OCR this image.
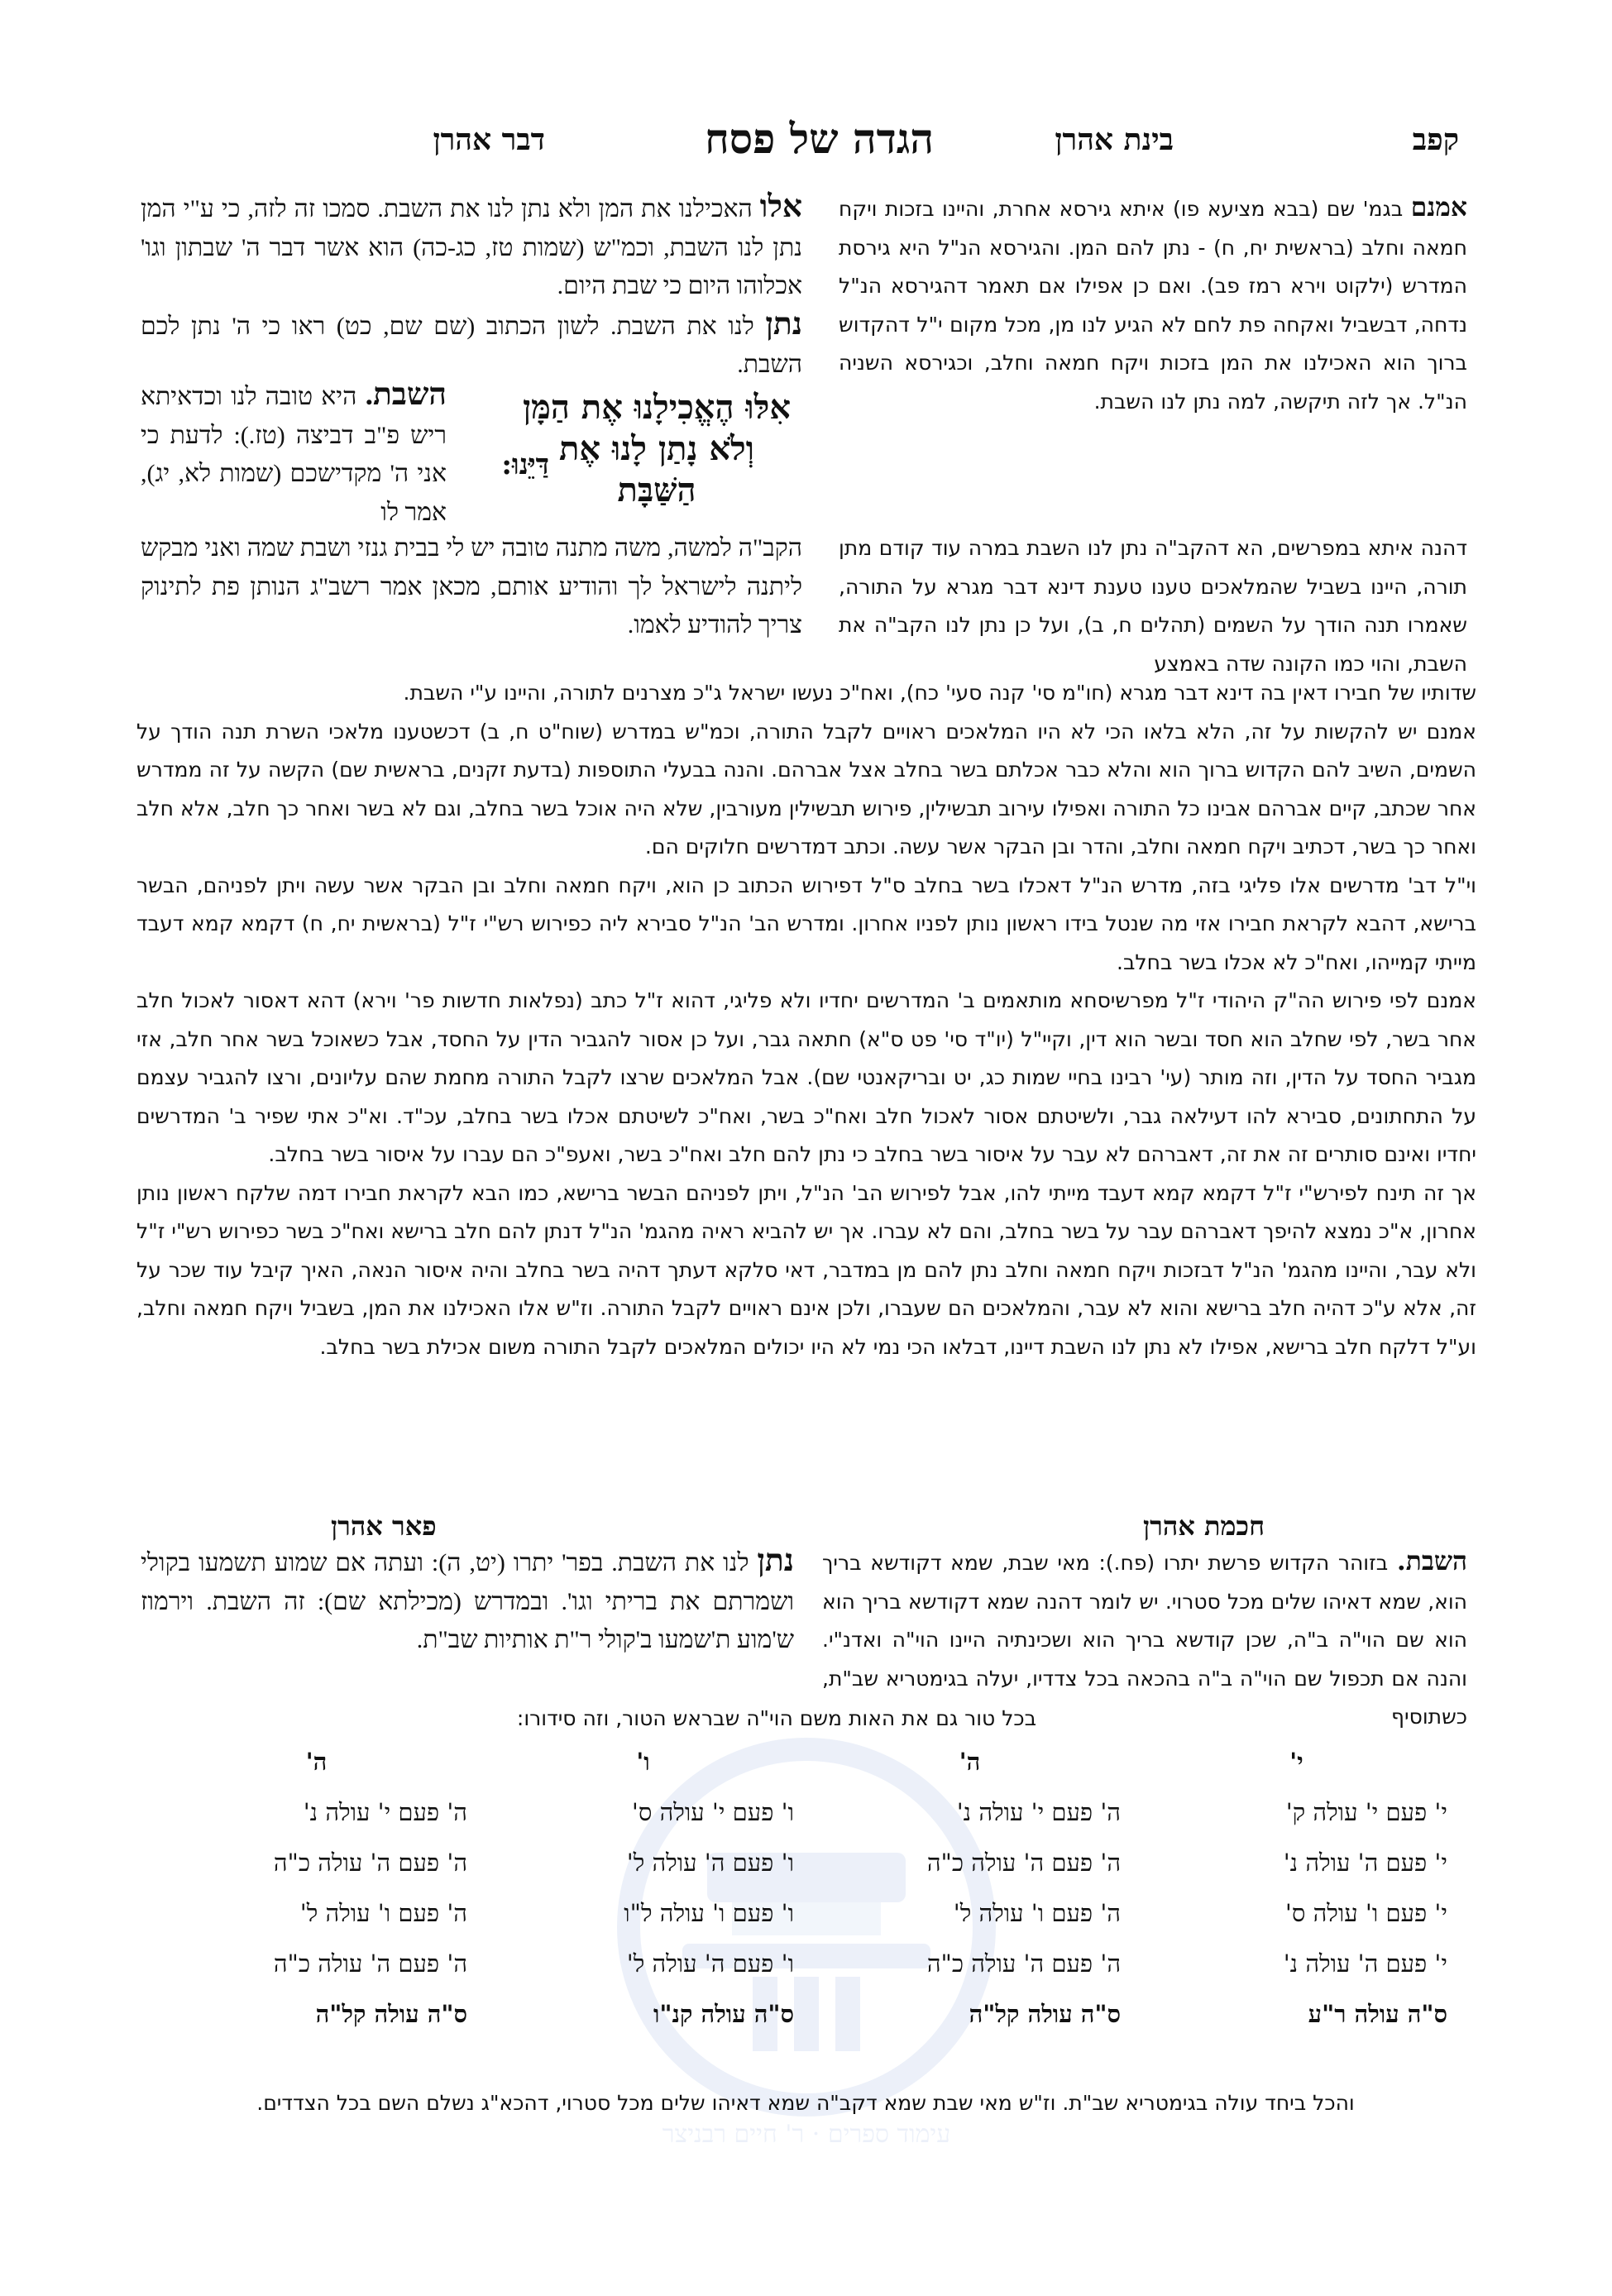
קפב
בינת אהרן
הגדה של פסח
דבר אהרן

אמנם בגמ' שם (בבא מציעא פו) איתא גירסא אחרת, והיינו בזכות ויקח חמאה וחלב (בראשית יח, ח) - נתן להם המן. והגירסא הנ"ל היא גירסת המדרש (ילקוט וירא רמז פב). ואם כן אפילו אם תאמר דהגירסא הנ"ל נדחה, דבשביל ואקחה פת לחם לא הגיע לנו מן, מכל מקום י"ל דהקדוש ברוך הוא האכילנו את המן בזכות ויקח חמאה וחלב, וכגירסא השניה הנ"ל. אך לזה תיקשה, למה נתן לנו השבת.

אִלּוּ הֶאֱכִילָנוּ אֶת הַמָּן
וְלֹא נָתַן לָנוּ אֶת הַשַּׁבָּת
דַּיֵּנוּ:

אלו האכילנו את המן ולא נתן לנו את השבת. סמכו זה לזה, כי ע"י המן נתן לנו השבת, וכמ"ש (שמות טז, כג-כה) הוא אשר דבר ה' שבתון וגו' אכלוהו היום כי שבת היום.

נתן לנו את השבת. לשון הכתוב (שם שם, כט) ראו כי ה' נתן לכם השבת.

השבת. היא טובה לנו וכדאיתא ריש פ"ב דביצה (טז.): לדעת כי אני ה' מקדישכם (שמות לא, יג), אמר לו

הקב"ה למשה, משה מתנה טובה יש לי בבית גנזי ושבת שמה ואני מבקש ליתנה לישראל לך והודיע אותם, מכאן אמר רשב"ג הנותן פת לתינוק צריך להודיע לאמו.

דהנה איתא במפרשים, הא דהקב"ה נתן לנו השבת במרה עוד קודם מתן תורה, היינו בשביל שהמלאכים טענו טענת דינא דבר מגרא על התורה, שאמרו תנה הודך על השמים (תהלים ח, ב), ועל כן נתן לנו הקב"ה את השבת, והוי כמו הקונה שדה באמצע

שדותיו של חבירו דאין בה דינא דבר מגרא (חו"מ סי' קנה סעי' כח), ואח"כ נעשו ישראל ג"כ מצרנים לתורה, והיינו ע"י השבת.

אמנם יש להקשות על זה, הלא בלאו הכי לא היו המלאכים ראויים לקבל התורה, וכמ"ש במדרש (שוח"ט ח, ב) דכשטענו מלאכי השרת תנה הודך על השמים, השיב להם הקדוש ברוך הוא והלא כבר אכלתם בשר בחלב אצל אברהם. והנה בבעלי התוספות (בדעת זקנים, בראשית שם) הקשה על זה ממדרש אחר שכתב, קיים אברהם אבינו כל התורה ואפילו עירוב תבשילין, פירוש תבשילין מעורבין, שלא היה אוכל בשר בחלב, וגם לא בשר ואחר כך חלב, אלא חלב ואחר כך בשר, דכתיב ויקח חמאה וחלב, והדר ובן הבקר אשר עשה. וכתב דמדרשים חלוקים הם.

וי"ל דב' מדרשים אלו פליגי בזה, מדרש הנ"ל דאכלו בשר בחלב ס"ל דפירוש הכתוב כן הוא, ויקח חמאה וחלב ובן הבקר אשר עשה ויתן לפניהם, הבשר ברישא, דהבא לקראת חבירו אזי מה שנטל בידו ראשון נותן לפניו אחרון. ומדרש הב' הנ"ל סבירא ליה כפירוש רש"י ז"ל (בראשית יח, ח) דקמא קמא דעבד מייתי קמייהו, ואח"כ לא אכלו בשר בחלב.

אמנם לפי פירוש הה"ק היהודי ז"ל מפרשיסחא מותאמים ב' המדרשים יחדיו ולא פליגי, דהוא ז"ל כתב (נפלאות חדשות פר' וירא) דהא דאסור לאכול חלב אחר בשר, לפי שחלב הוא חסד ובשר הוא דין, וקיי"ל (יו"ד סי' פט ס"א) חתאה גבר, ועל כן אסור להגביר הדין על החסד, אבל כשאוכל בשר אחר חלב, אזי מגביר החסד על הדין, וזה מותר (עי' רבינו בחיי שמות כג, יט ובריקאנטי שם). אבל המלאכים שרצו לקבל התורה מחמת שהם עליונים, ורצו להגביר עצמם על התחתונים, סבירא להו דעילאה גבר, ולשיטתם אסור לאכול חלב ואח"כ בשר, ואח"כ לשיטתם אכלו בשר בחלב, עכ"ד. וא"כ אתי שפיר ב' המדרשים יחדיו ואינם סותרים זה את זה, דאברהם לא עבר על איסור בשר בחלב כי נתן להם חלב ואח"כ בשר, ואעפ"כ הם עברו על איסור בשר בחלב.

אך זה תינח לפירש"י ז"ל דקמא קמא דעבד מייתי להו, אבל לפירוש הב' הנ"ל, ויתן לפניהם הבשר ברישא, כמו הבא לקראת חבירו דמה שלקח ראשון נותן אחרון, א"כ נמצא להיפך דאברהם עבר על בשר בחלב, והם לא עברו. אך יש להביא ראיה מהגמ' הנ"ל דנתן להם חלב ברישא ואח"כ בשר כפירוש רש"י ז"ל ולא עבר, והיינו מהגמ' הנ"ל דבזכות ויקח חמאה וחלב נתן להם מן במדבר, דאי סלקא דעתך דהיה בשר בחלב והיה איסור הנאה, האיך קיבל עוד שכר על זה, אלא ע"כ דהיה חלב ברישא והוא לא עבר, והמלאכים הם שעברו, ולכן אינם ראויים לקבל התורה. וז"ש אלו האכילנו את המן, בשביל ויקח חמאה וחלב, וע"ל דלקח חלב ברישא, אפילו לא נתן לנו השבת דיינו, דבלאו הכי נמי לא היו יכולים המלאכים לקבל התורה משום אכילת בשר בחלב.

חכמת אהרן
פאר אהרן

השבת. בזוהר הקדוש פרשת יתרו (פח.): מאי שבת, שמא דקודשא בריך הוא, שמא דאיהו שלים מכל סטרוי. יש לומר דהנה שמא דקודשא בריך הוא הוא שם הוי"ה ב"ה, שכן קודשא בריך הוא ושכינתיה היינו הוי"ה ואדנ"י. והנה אם תכפול שם הוי"ה ב"ה בהכאה בכל צדדיו, יעלה בגימטריא שב"ת, כשתוסיף

נתן לנו את השבת. בפר' יתרו (יט, ה): ועתה אם שמוע תשמעו בקולי ושמרתם את בריתי וגו'. ובמדרש (מכילתא שם): זה השבת. וירמוז ש'מוע ת'שמעו ב'קולי ר"ת אותיות שב"ת.

בכל טור גם את האות משם הוי"ה שבראש הטור, וזה סידורו:
עימוד ספרים · ר' חיים רבניצר
י'
י' פעם י' עולה ק'
י' פעם ה' עולה נ'
י' פעם ו' עולה ס'
י' פעם ה' עולה נ'
ס"ה עולה ר"ע
ה'
ה' פעם י' עולה נ'
ה' פעם ה' עולה כ"ה
ה' פעם ו' עולה ל'
ה' פעם ה' עולה כ"ה
ס"ה עולה קל"ה
ו'
ו' פעם י' עולה ס'
ו' פעם ה' עולה ל'
ו' פעם ו' עולה ל"ו
ו' פעם ה' עולה ל'
ס"ה עולה קנ"ו
ה'
ה' פעם י' עולה נ'
ה' פעם ה' עולה כ"ה
ה' פעם ו' עולה ל'
ה' פעם ה' עולה כ"ה
ס"ה עולה קל"ה
והכל ביחד עולה בגימטריא שב"ת. וז"ש מאי שבת שמא דקב"ה שמא דאיהו שלים מכל סטרוי, דהכא"ג נשלם השם בכל הצדדים.
